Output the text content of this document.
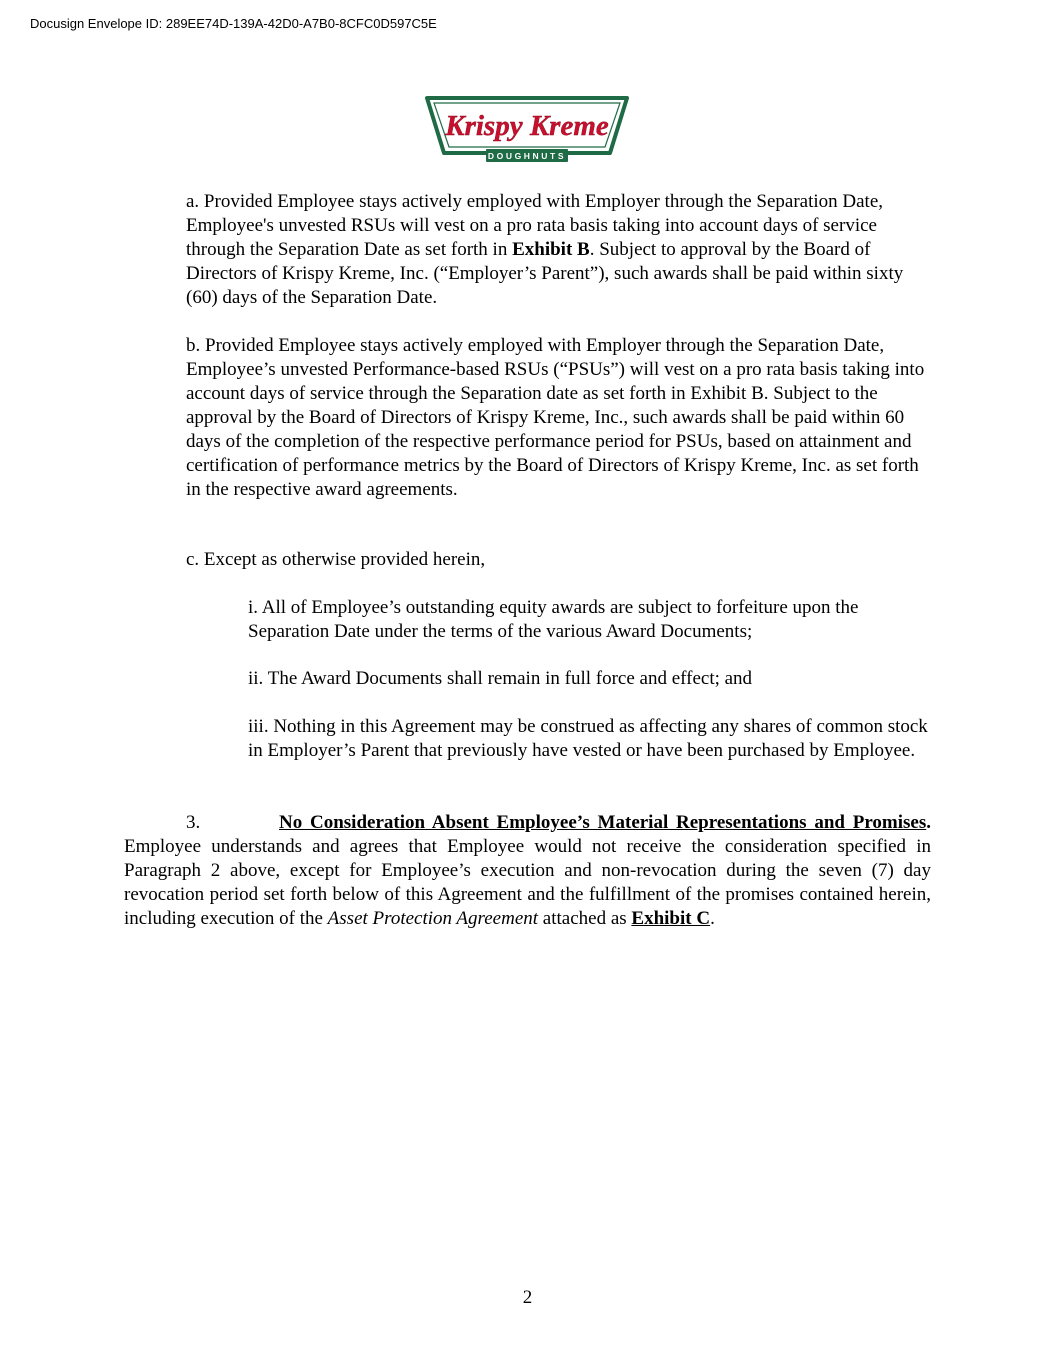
Docusign Envelope ID: 289EE74D-139A-42D0-A7B0-8CFC0D597C5E
Krispy Kreme
DOUGHNUTS

a. Provided Employee stays actively employed with Employer through the Separation Date, Employee's unvested RSUs will vest on a pro rata basis taking into account days of service through the Separation Date as set forth in Exhibit B. Subject to approval by the Board of Directors of Krispy Kreme, Inc. (“Employer’s Parent”), such awards shall be paid within sixty (60) days of the Separation Date.

b. Provided Employee stays actively employed with Employer through the Separation Date, Employee’s unvested Performance-based RSUs (“PSUs”) will vest on a pro rata basis taking into account days of service through the Separation date as set forth in Exhibit B. Subject to the approval by the Board of Directors of Krispy Kreme, Inc., such awards shall be paid within 60 days of the completion of the respective performance period for PSUs, based on attainment and certification of performance metrics by the Board of Directors of Krispy Kreme, Inc. as set forth in the respective award agreements.

c. Except as otherwise provided herein,

i. All of Employee’s outstanding equity awards are subject to forfeiture upon the Separation Date under the terms of the various Award Documents;

ii. The Award Documents shall remain in full force and effect; and

iii. Nothing in this Agreement may be construed as affecting any shares of common stock in Employer’s Parent that previously have vested or have been purchased by Employee.

3.	No Consideration Absent Employee’s Material Representations and Promises. Employee understands and agrees that Employee would not receive the consideration specified in Paragraph 2 above, except for Employee’s execution and non-revocation during the seven (7) day revocation period set forth below of this Agreement and the fulfillment of the promises contained herein, including execution of the Asset Protection Agreement attached as Exhibit C.

2
